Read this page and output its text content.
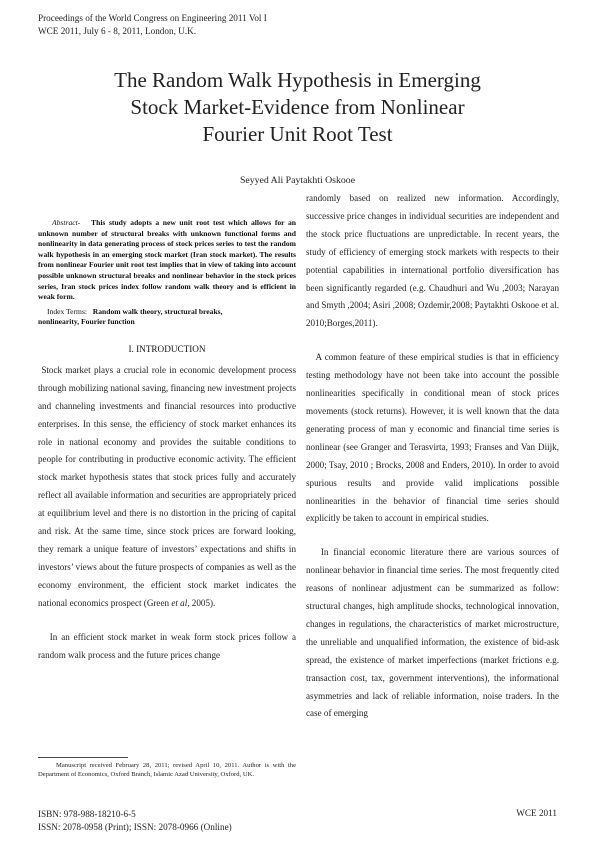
Proceedings of the World Congress on Engineering 2011 Vol I
WCE 2011, July 6 - 8, 2011, London, U.K.
The Random Walk Hypothesis in Emerging
Stock Market-Evidence from Nonlinear
Fourier Unit Root Test
Seyyed Ali Paytakhti Oskooe

Abstract- This study adopts a new unit root test which allows for an unknown number of structural breaks with unknown functional forms and nonlinearity in data generating process of stock prices series to test the random walk hypothesis in an emerging stock market (Iran stock market). The results from nonlinear Fourier unit root test implies that in view of taking into account possible unknown structural breaks and nonlinear behavior in the stock prices series, Iran stock prices index follow random walk theory and is efficient in weak form.

Index Terms: Random walk theory, structural breaks,
nonlinearity, Fourier function

I. INTRODUCTION

Stock market plays a crucial role in economic development process through mobilizing national saving, financing new investment projects and channeling investments and financial resources into productive enterprises. In this sense, the efficiency of stock market enhances its role in national economy and provides the suitable conditions to people for contributing in productive economic activity. The efficient stock market hypothesis states that stock prices fully and accurately reflect all available information and securities are appropriately priced at equilibrium level and there is no distortion in the pricing of capital and risk. At the same time, since stock prices are forward looking, they remark a unique feature of investors’ expectations and shifts in investors’ views about the future prospects of companies as well as the economy environment, the efficient stock market indicates the national economics prospect (Green et al, 2005).

In an efficient stock market in weak form stock prices follow a random walk process and the future prices change

randomly based on realized new information. Accordingly, successive price changes in individual securities are independent and the stock price fluctuations are unpredictable. In recent years, the study of efficiency of emerging stock markets with respects to their potential capabilities in international portfolio diversification has been significantly regarded (e.g. Chaudhuri and Wu ,2003; Narayan and Smyth ,2004; Asiri ,2008; Ozdemir,2008; Paytakhti Oskooe et al. 2010;Borges,2011).

A common feature of these empirical studies is that in efficiency testing methodology have not been take into account the possible nonlinearities specifically in conditional mean of stock prices movements (stock returns). However, it is well known that the data generating process of man y economic and financial time series is nonlinear (see Granger and Terasvirta, 1993; Franses and Van Diijk, 2000; Tsay, 2010 ; Brocks, 2008 and Enders, 2010). In order to avoid spurious results and provide valid implications possible nonlinearities in the behavior of financial time series should explicitly be taken to account in empirical studies.

In financial economic literature there are various sources of nonlinear behavior in financial time series. The most frequently cited reasons of nonlinear adjustment can be summarized as follow: structural changes, high amplitude shocks, technological innovation, changes in regulations, the characteristics of market microstructure, the unreliable and unqualified information, the existence of bid-ask spread, the existence of market imperfections (market frictions e.g. transaction cost, tax, government interventions), the informational asymmetries and lack of reliable information, noise traders. In the case of emerging

Manuscript received February 28, 2011; revised April 10, 2011. Author is with the Department of Economics, Oxford Branch, Islamic Azad University, Oxford, UK.
ISBN: 978-988-18210-6-5
ISSN: 2078-0958 (Print); ISSN: 2078-0966 (Online)
WCE 2011
